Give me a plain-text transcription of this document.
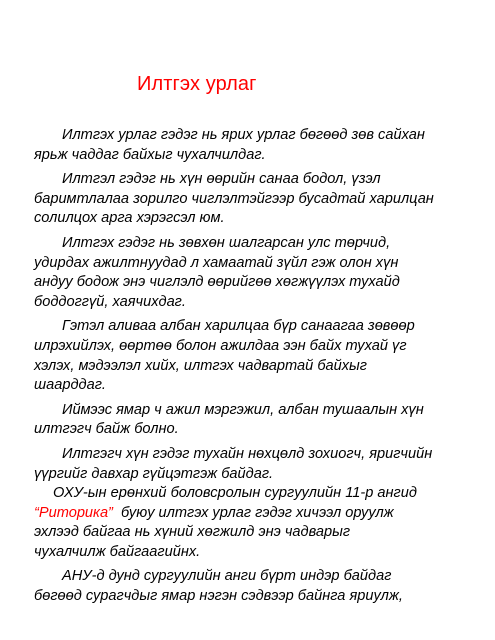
Илтгэх урлаг
Илтгэх урлаг гэдэг нь ярих урлаг бөгөөд зөв сайхан
ярьж чаддаг байхыг чухалчилдаг.
Илтгэл гэдэг нь хүн өөрийн санаа бодол, үзэл
баримтлалаа зорилго чиглэлтэйгээр бусадтай харилцан
солилцох арга хэрэгсэл юм.
Илтгэх гэдэг нь зөвхөн шалгарсан улс төрчид,
удирдах ажилтнуудад л хамаатай зүйл гэж олон хүн
андуу бодож энэ чиглэлд өөрийгөө хөгжүүлэх тухайд
боддоггүй, хаячихдаг.
Гэтэл аливаа албан харилцаа бүр санаагаа зөвөөр
илрэхийлэх, өөртөө болон ажилдаа ээн байх тухай үг
хэлэх, мэдээлэл хийх, илтгэх чадвартай байхыг
шаарддаг.
Иймээс ямар ч ажил мэргэжил, албан тушаалын хүн
илтгэгч байж болно.
Илтгэгч хүн гэдэг тухайн нөхцөлд зохиогч, яригчийн
үүргийг давхар гүйцэтгэж байдаг.
ОХУ-ын ерөнхий боловсролын сургуулийн 11-р ангид
“Риторика”  буюу илтгэх урлаг гэдэг хичээл оруулж
эхлээд байгаа нь хүний хөгжилд энэ чадварыг
чухалчилж байгаагийнх.
АНУ-д дунд сургуулийн анги бүрт индэр байдаг
бөгөөд сурагчдыг ямар нэгэн сэдвээр байнга яриулж,
